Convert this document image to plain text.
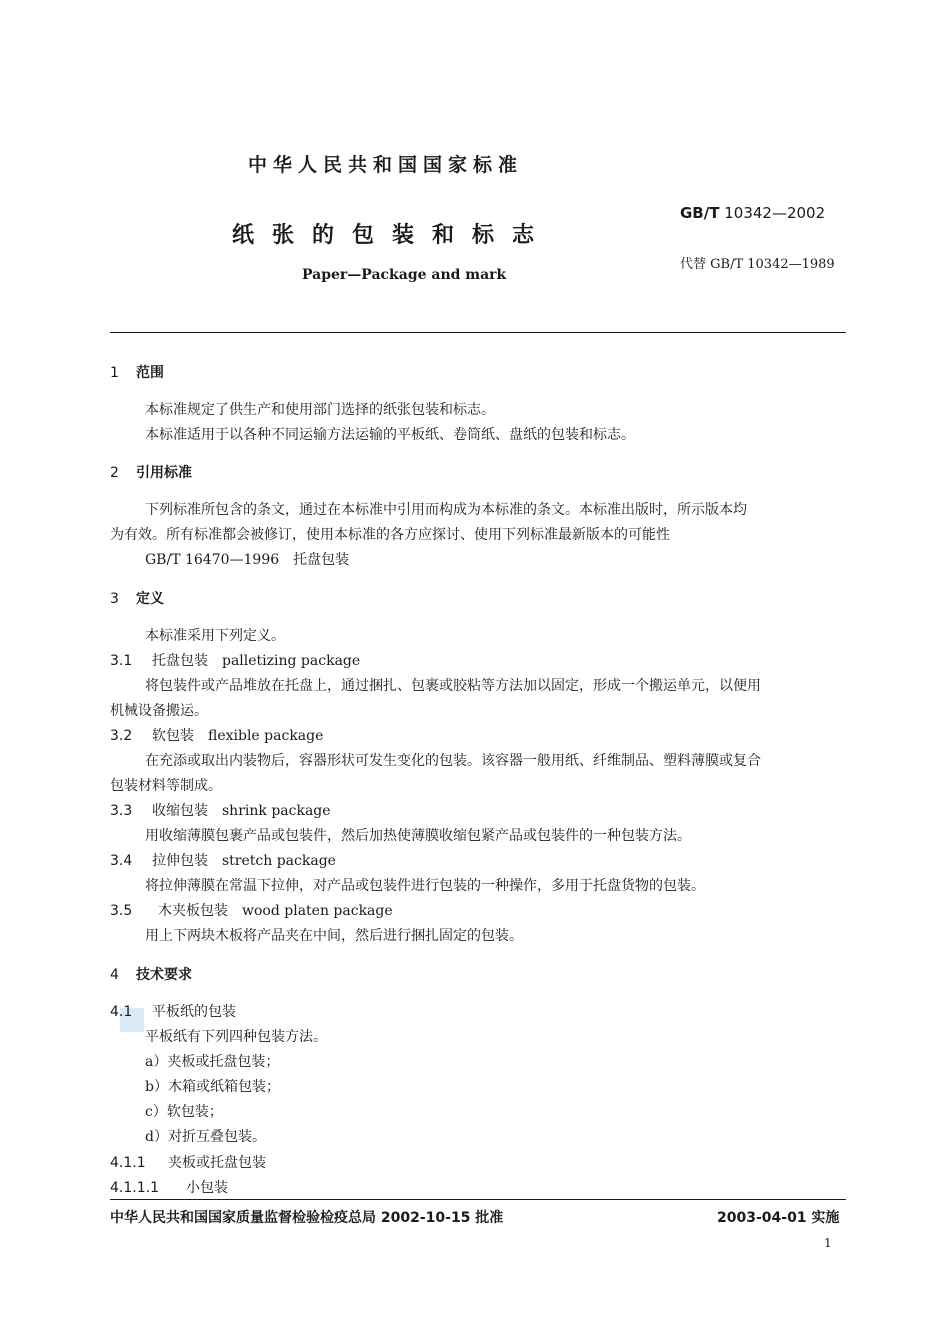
中华人民共和国国家标准
纸张的包装和标志
Paper—Package and mark
GB/T 10342—2002
代替 GB/T 10342—1989
1 范围
本标准规定了供生产和使用部门选择的纸张包装和标志。
本标准适用于以各种不同运输方法运输的平板纸、卷筒纸、盘纸的包装和标志。
2 引用标准
下列标准所包含的条文，通过在本标准中引用而构成为本标准的条文。本标准出版时，所示版本均
为有效。所有标准都会被修订，使用本标准的各方应探讨、使用下列标准最新版本的可能性
GB/T 16470—1996　托盘包装
3 定义
本标准采用下列定义。
3.1 托盘包装 palletizing package
将包装件或产品堆放在托盘上，通过捆扎、包裹或胶粘等方法加以固定，形成一个搬运单元，以便用
机械设备搬运。
3.2 软包装 flexible package
在充添或取出内装物后，容器形状可发生变化的包装。该容器一般用纸、纤维制品、塑料薄膜或复合
包装材料等制成。
3.3 收缩包装 shrink package
用收缩薄膜包裹产品或包装件，然后加热使薄膜收缩包紧产品或包装件的一种包装方法。
3.4 拉伸包装 stretch package
将拉伸薄膜在常温下拉伸，对产品或包装件进行包装的一种操作，多用于托盘货物的包装。
3.5 木夹板包装 wood platen package
用上下两块木板将产品夹在中间，然后进行捆扎固定的包装。
4 技术要求
4.1 平板纸的包装
平板纸有下列四种包装方法。
a）夹板或托盘包装；
b）木箱或纸箱包装；
c）软包装；
d）对折互叠包装。
4.1.1 夹板或托盘包装
4.1.1.1 小包装
中华人民共和国国家质量监督检验检疫总局 2002-10-15 批准	2003-04-01 实施
1
